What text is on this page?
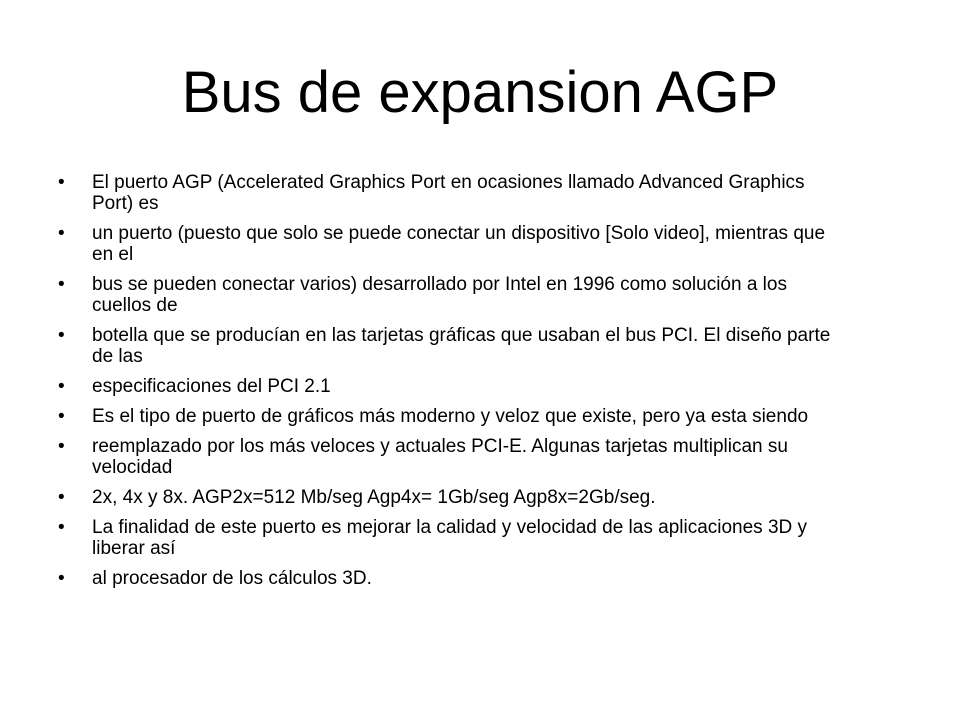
Bus de expansion AGP
• El puerto AGP (Accelerated Graphics Port en ocasiones llamado Advanced Graphics Port) es
• un puerto (puesto que solo se puede conectar un dispositivo [Solo video], mientras que en el
• bus se pueden conectar varios) desarrollado por Intel en 1996 como solución a los cuellos de
• botella que se producían en las tarjetas gráficas que usaban el bus PCI. El diseño parte de las
• especificaciones del PCI 2.1
• Es el tipo de puerto de gráficos más moderno y veloz que existe, pero ya esta siendo
• reemplazado por los más veloces y actuales PCI-E. Algunas tarjetas multiplican su velocidad
• 2x, 4x y 8x. AGP2x=512 Mb/seg Agp4x= 1Gb/seg Agp8x=2Gb/seg.
• La finalidad de este puerto es mejorar la calidad y velocidad de las aplicaciones 3D y liberar así
• al procesador de los cálculos 3D.
